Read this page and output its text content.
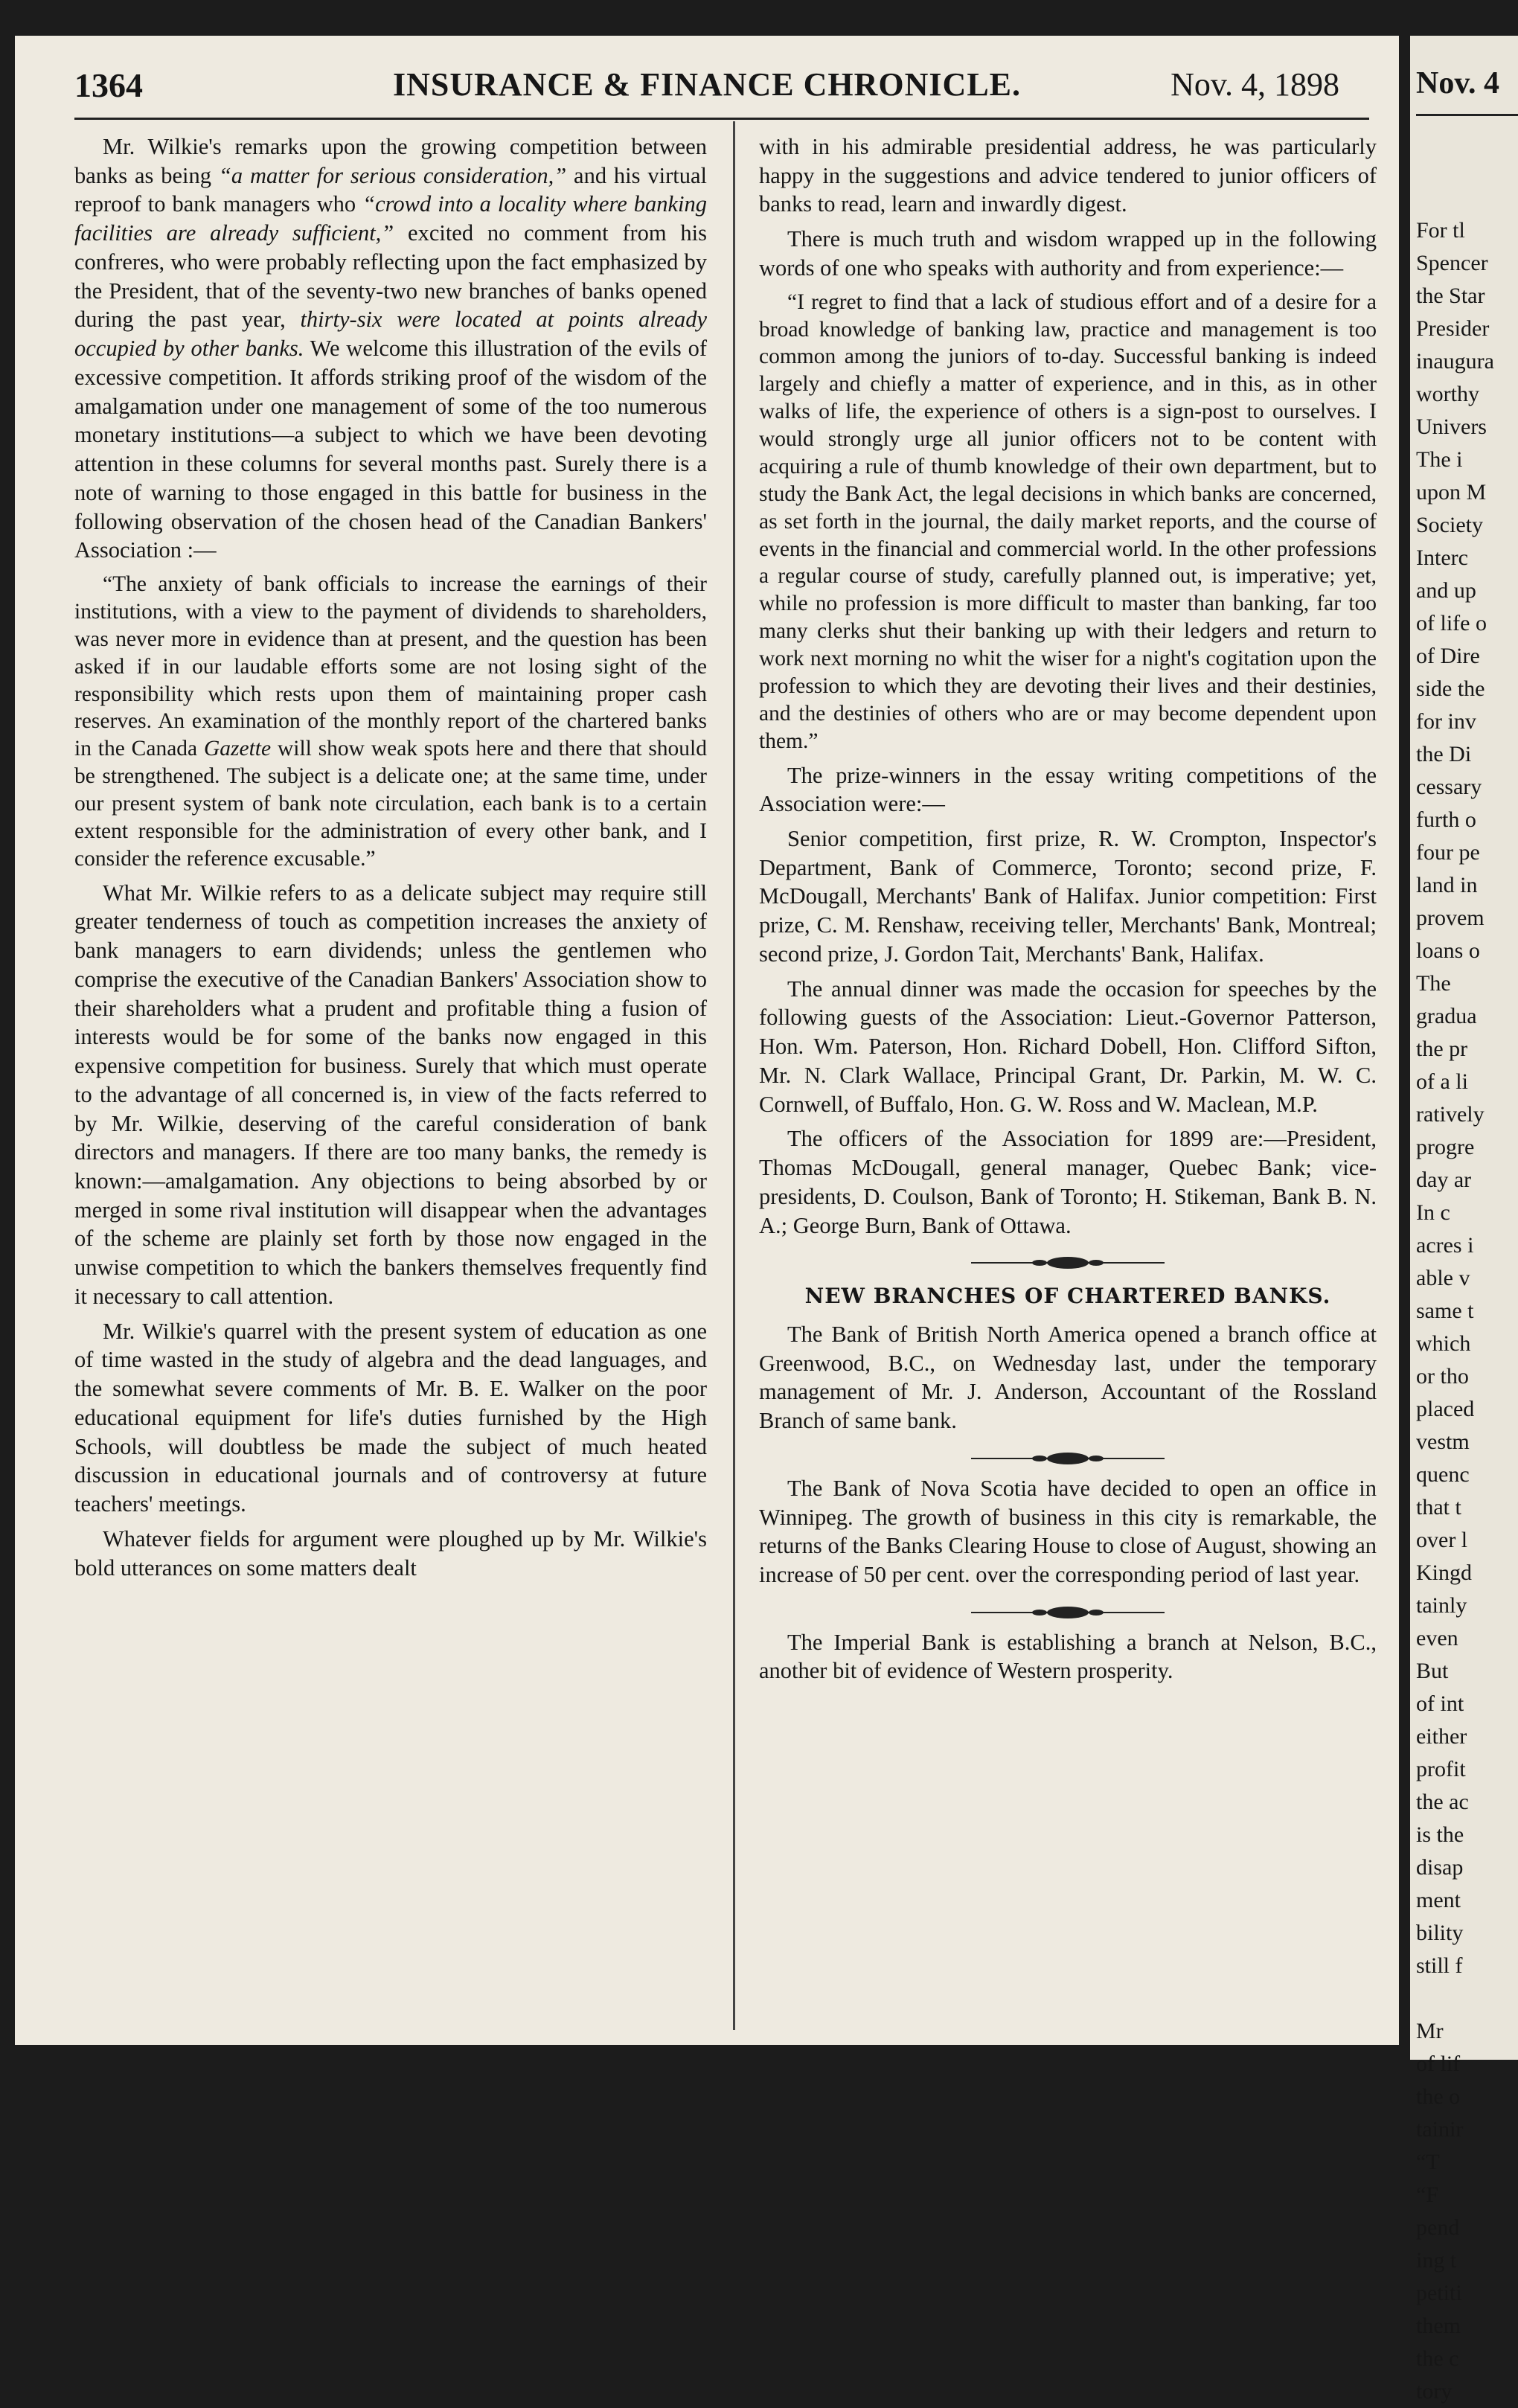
1364	INSURANCE & FINANCE CHRONICLE.	Nov. 4, 1898

Mr. Wilkie's remarks upon the growing competition between banks as being “a matter for serious consideration,” and his virtual reproof to bank managers who “crowd into a locality where banking facilities are already sufficient,” excited no comment from his confreres, who were probably reflecting upon the fact emphasized by the President, that of the seventy-two new branches of banks opened during the past year, thirty-six were located at points already occupied by other banks. We welcome this illustration of the evils of excessive competition. It affords striking proof of the wisdom of the amalgamation under one management of some of the too numerous monetary institutions—a subject to which we have been devoting attention in these columns for several months past. Surely there is a note of warning to those engaged in this battle for business in the following observation of the chosen head of the Canadian Bankers' Association :—

“The anxiety of bank officials to increase the earnings of their institutions, with a view to the payment of dividends to shareholders, was never more in evidence than at present, and the question has been asked if in our laudable efforts some are not losing sight of the responsibility which rests upon them of maintaining proper cash reserves. An examination of the monthly report of the chartered banks in the Canada Gazette will show weak spots here and there that should be strengthened. The subject is a delicate one; at the same time, under our present system of bank note circulation, each bank is to a certain extent responsible for the administration of every other bank, and I consider the reference excusable.”

What Mr. Wilkie refers to as a delicate subject may require still greater tenderness of touch as competition increases the anxiety of bank managers to earn dividends; unless the gentlemen who comprise the executive of the Canadian Bankers' Association show to their shareholders what a prudent and profitable thing a fusion of interests would be for some of the banks now engaged in this expensive competition for business. Surely that which must operate to the advantage of all concerned is, in view of the facts referred to by Mr. Wilkie, deserving of the careful consideration of bank directors and managers. If there are too many banks, the remedy is known:—amalgamation. Any objections to being absorbed by or merged in some rival institution will disappear when the advantages of the scheme are plainly set forth by those now engaged in the unwise competition to which the bankers themselves frequently find it necessary to call attention.

Mr. Wilkie's quarrel with the present system of education as one of time wasted in the study of algebra and the dead languages, and the somewhat severe comments of Mr. B. E. Walker on the poor educational equipment for life's duties furnished by the High Schools, will doubtless be made the subject of much heated discussion in educational journals and of controversy at future teachers' meetings.

Whatever fields for argument were ploughed up by Mr. Wilkie's bold utterances on some matters dealt

with in his admirable presidential address, he was particularly happy in the suggestions and advice tendered to junior officers of banks to read, learn and inwardly digest.

There is much truth and wisdom wrapped up in the following words of one who speaks with authority and from experience:—

“I regret to find that a lack of studious effort and of a desire for a broad knowledge of banking law, practice and management is too common among the juniors of to-day. Successful banking is indeed largely and chiefly a matter of experience, and in this, as in other walks of life, the experience of others is a sign-post to ourselves. I would strongly urge all junior officers not to be content with acquiring a rule of thumb knowledge of their own department, but to study the Bank Act, the legal decisions in which banks are concerned, as set forth in the journal, the daily market reports, and the course of events in the financial and commercial world. In the other professions a regular course of study, carefully planned out, is imperative; yet, while no profession is more difficult to master than banking, far too many clerks shut their banking up with their ledgers and return to work next morning no whit the wiser for a night's cogitation upon the profession to which they are devoting their lives and their destinies, and the destinies of others who are or may become dependent upon them.”

The prize-winners in the essay writing competitions of the Association were:—

Senior competition, first prize, R. W. Crompton, Inspector's Department, Bank of Commerce, Toronto; second prize, F. McDougall, Merchants' Bank of Halifax. Junior competition: First prize, C. M. Renshaw, receiving teller, Merchants' Bank, Montreal; second prize, J. Gordon Tait, Merchants' Bank, Halifax.

The annual dinner was made the occasion for speeches by the following guests of the Association: Lieut.-Governor Patterson, Hon. Wm. Paterson, Hon. Richard Dobell, Hon. Clifford Sifton, Mr. N. Clark Wallace, Principal Grant, Dr. Parkin, M. W. C. Cornwell, of Buffalo, Hon. G. W. Ross and W. Maclean, M.P.

The officers of the Association for 1899 are:—President, Thomas McDougall, general manager, Quebec Bank; vice-presidents, D. Coulson, Bank of Toronto; H. Stikeman, Bank B. N. A.; George Burn, Bank of Ottawa.

NEW BRANCHES OF CHARTERED BANKS.

The Bank of British North America opened a branch office at Greenwood, B.C., on Wednesday last, under the temporary management of Mr. J. Anderson, Accountant of the Rossland Branch of same bank.

The Bank of Nova Scotia have decided to open an office in Winnipeg. The growth of business in this city is remarkable, the returns of the Banks Clearing House to close of August, showing an increase of 50 per cent. over the corresponding period of last year.

The Imperial Bank is establishing a branch at Nelson, B.C., another bit of evidence of Western prosperity.

Nov. 4
For tl
Spencer
the Star
Presider
inaugura
worthy
Univers
The i
upon M
Society
Interc
and up
of life o
of Dire
side the
for inv
the Di
cessary
furth o
four pe
land in
provem
loans o
The
gradua
the pr
of a li
ratively
progre
day ar
In c
acres i
able v
same t
which
or tho
placed
vestm
quenc
that t
over l
Kingd
tainly
even
But
of int
either
profit
the ac
is the
disap
ment
bility
still f

Mr
of lif
the o
tainir
“T
“F
pend
ing t
petiti
them
the c
tory
